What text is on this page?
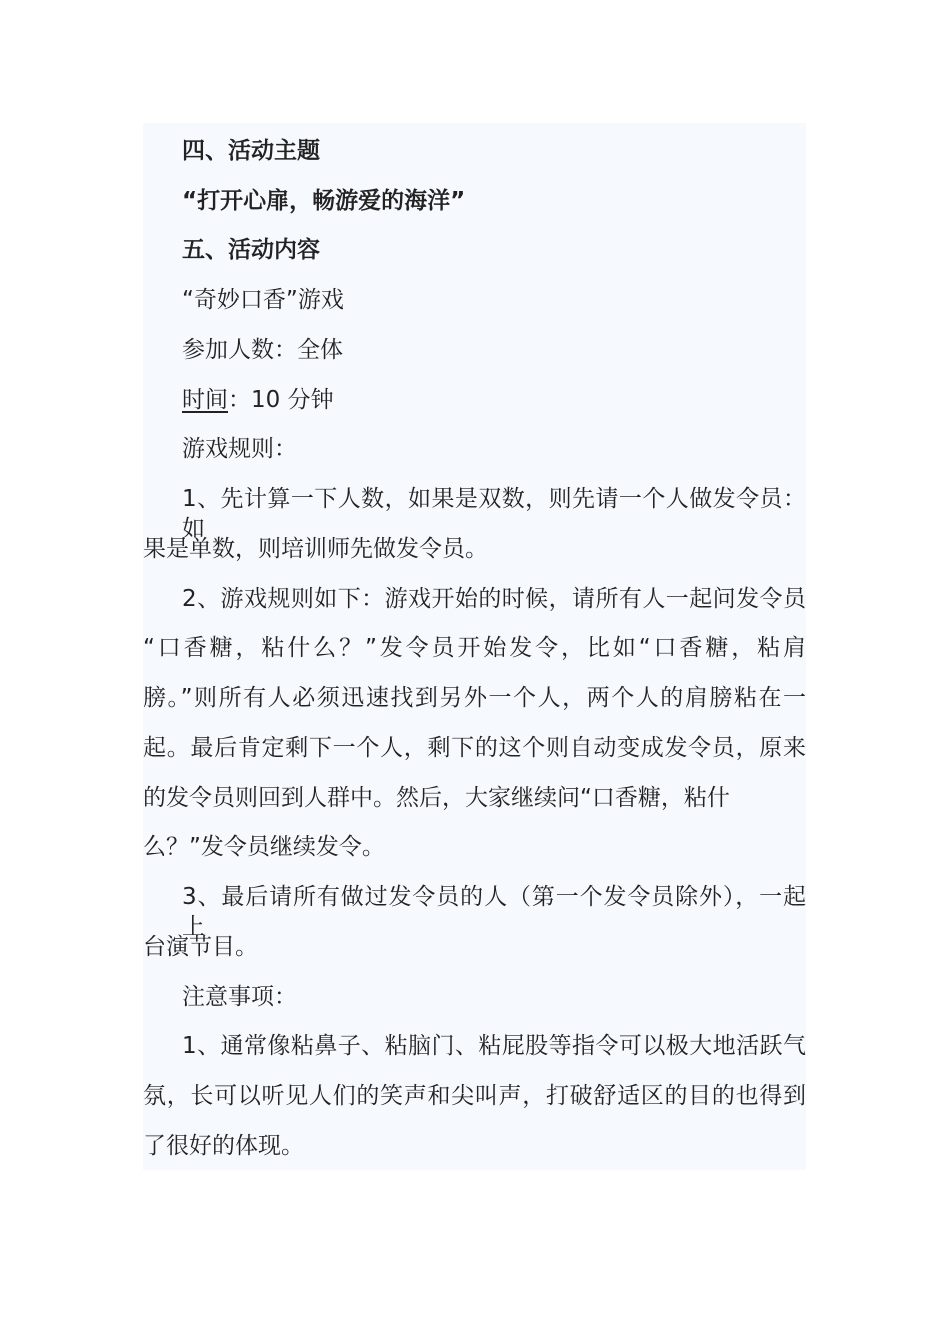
四、活动主题
“打开心扉，畅游爱的海洋”
五、活动内容
“奇妙口香”游戏
参加人数：全体
时间：10 分钟
游戏规则：
1、先计算一下人数，如果是双数，则先请一个人做发令员：如
果是单数，则培训师先做发令员。
2、游戏规则如下：游戏开始的时候，请所有人一起问发令员
“口香糖，粘什么？”发令员开始发令，比如“口香糖，粘肩
膀。”则所有人必须迅速找到另外一个人，两个人的肩膀粘在一
起。最后肯定剩下一个人，剩下的这个则自动变成发令员，原来
的发令员则回到人群中。然后，大家继续问“口香糖，粘什
么？”发令员继续发令。
3、最后请所有做过发令员的人（第一个发令员除外），一起上
台演节目。
注意事项：
1、通常像粘鼻子、粘脑门、粘屁股等指令可以极大地活跃气
氛，长可以听见人们的笑声和尖叫声，打破舒适区的目的也得到
了很好的体现。
